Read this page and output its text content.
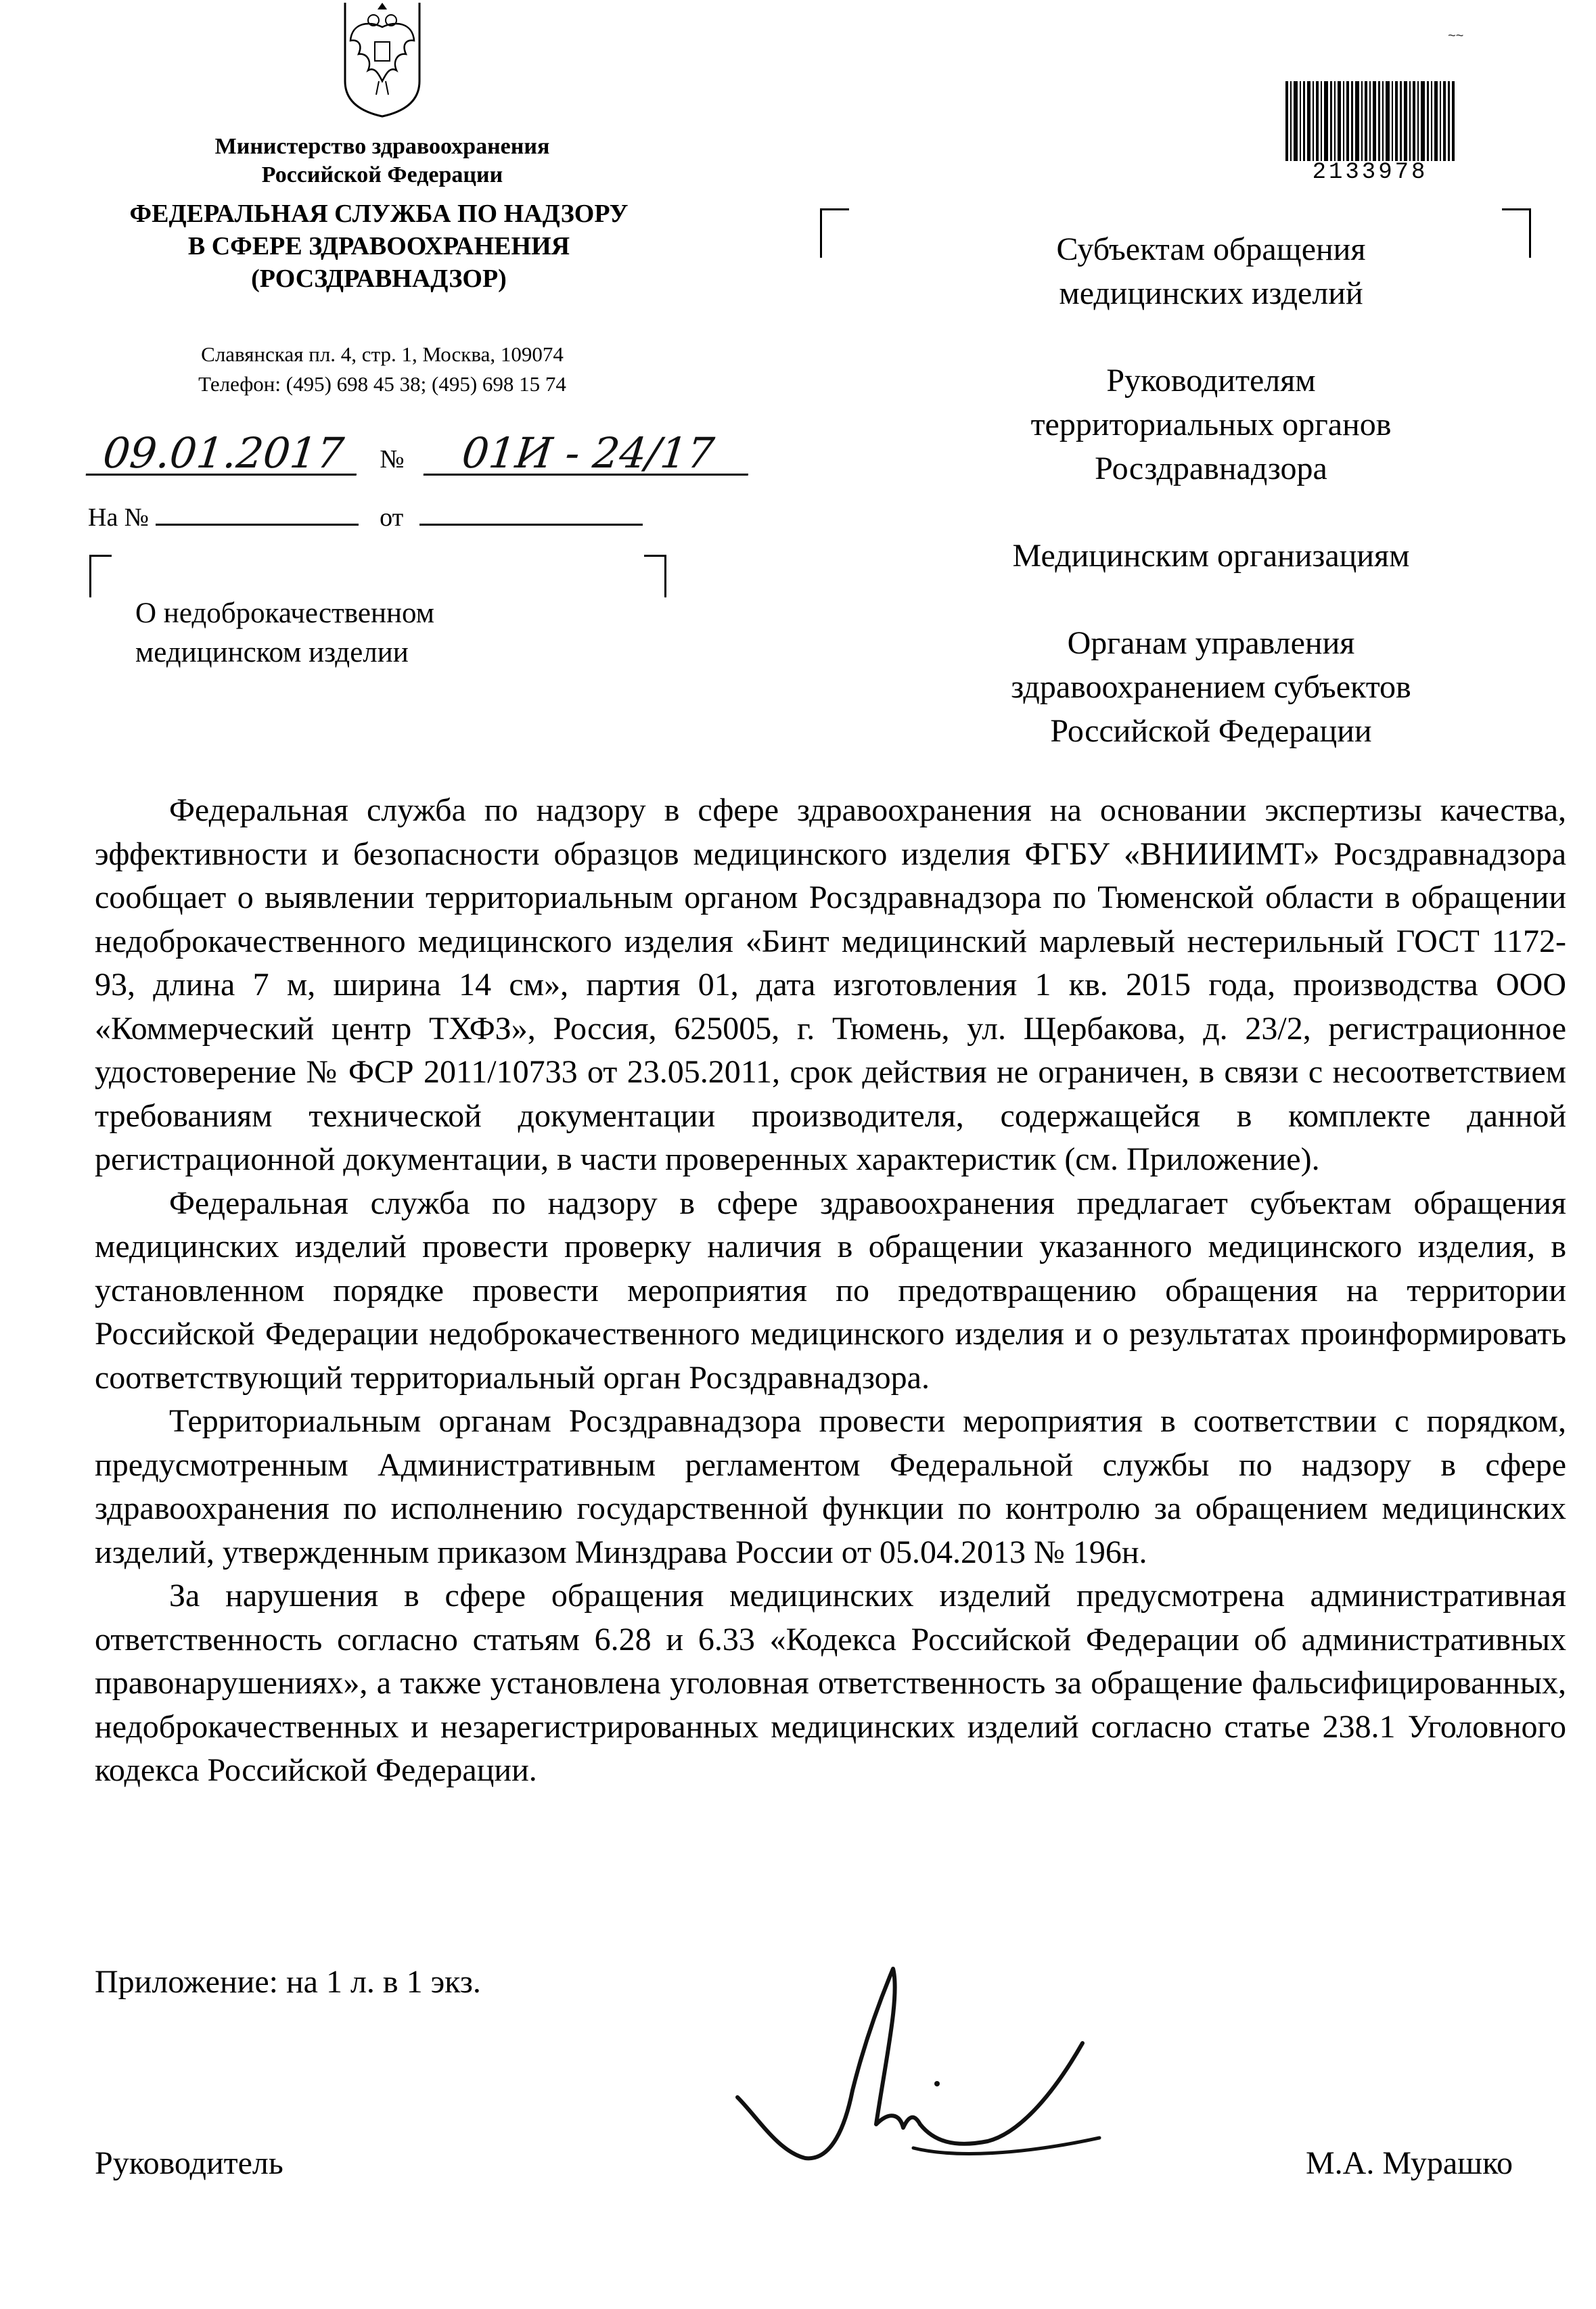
Министерство здравоохранения
Российской Федерации
ФЕДЕРАЛЬНАЯ СЛУЖБА ПО НАДЗОРУ
В СФЕРЕ ЗДРАВООХРАНЕНИЯ
(РОСЗДРАВНАДЗОР)
Славянская пл. 4, стр. 1, Москва, 109074
Телефон: (495) 698 45 38; (495) 698 15 74
09.01.2017 № 01И - 24/17
На №	от
О недоброкачественном
медицинском изделии
~~
2133978
Субъектам обращения
медицинских изделий
Руководителям
территориальных органов
Росздравнадзора
Медицинским организациям
Органам управления
здравоохранением субъектов
Российской Федерации

Федеральная служба по надзору в сфере здравоохранения на основании экспертизы качества, эффективности и безопасности образцов медицинского изделия ФГБУ «ВНИИИМТ» Росздравнадзора сообщает о выявлении территориальным органом Росздравнадзора по Тюменской области в обращении недоброкачественного медицинского изделия «Бинт медицинский марлевый нестерильный ГОСТ 1172-93, длина 7 м, ширина 14 см», партия 01, дата изготовления 1 кв. 2015 года, производства ООО «Коммерческий центр ТХФЗ», Россия, 625005, г. Тюмень, ул. Щербакова, д. 23/2, регистрационное удостоверение № ФСР 2011/10733 от 23.05.2011, срок действия не ограничен, в связи с несоответствием требованиям технической документации производителя, содержащейся в комплекте данной регистрационной документации, в части проверенных характеристик (см. Приложение).

Федеральная служба по надзору в сфере здравоохранения предлагает субъектам обращения медицинских изделий провести проверку наличия в обращении указанного медицинского изделия, в установленном порядке провести мероприятия по предотвращению обращения на территории Российской Федерации недоброкачественного медицинского изделия и о результатах проинформировать соответствующий территориальный орган Росздравнадзора.

Территориальным органам Росздравнадзора провести мероприятия в соответствии с порядком, предусмотренным Административным регламентом Федеральной службы по надзору в сфере здравоохранения по исполнению государственной функции по контролю за обращением медицинских изделий, утвержденным приказом Минздрава России от 05.04.2013 № 196н.

За нарушения в сфере обращения медицинских изделий предусмотрена административная ответственность согласно статьям 6.28 и 6.33 «Кодекса Российской Федерации об административных правонарушениях», а также установлена уголовная ответственность за обращение фальсифицированных, недоброкачественных и незарегистрированных медицинских изделий согласно статье 238.1 Уголовного кодекса Российской Федерации.

Приложение: на 1 л. в 1 экз.
Руководитель	М.А. Мурашко
